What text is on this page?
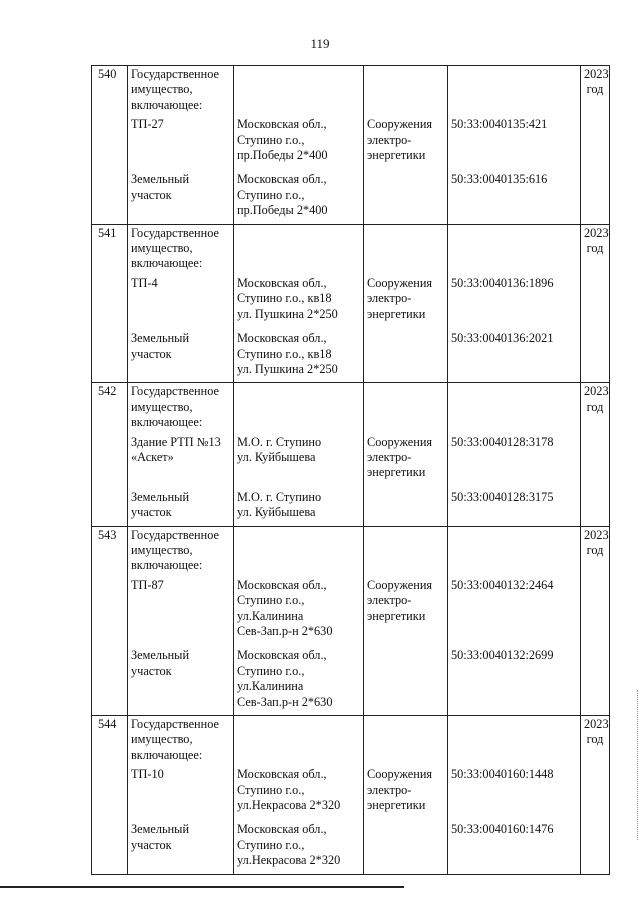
119
540	Государственное
имущество,
включающее:				2023
год
	ТП-27	Московская обл.,
Ступино г.о.,
пр.Победы 2*400	Сооружения
электро-
энергетики	50:33:0040135:421	
	Земельный
участок	Московская обл.,
Ступино г.о.,
пр.Победы 2*400		50:33:0040135:616	
541	Государственное
имущество,
включающее:				2023
год
	ТП-4	Московская обл.,
Ступино г.о., кв18
ул. Пушкина 2*250	Сооружения
электро-
энергетики	50:33:0040136:1896	
	Земельный
участок	Московская обл.,
Ступино г.о., кв18
ул. Пушкина 2*250		50:33:0040136:2021	
542	Государственное
имущество,
включающее:				2023
год
	Здание РТП №13
«Аскет»	М.О. г. Ступино
ул. Куйбышева	Сооружения
электро-
энергетики	50:33:0040128:3178	
	Земельный
участок	М.О. г. Ступино
ул. Куйбышева		50:33:0040128:3175	
543	Государственное
имущество,
включающее:				2023
год
	ТП-87	Московская обл.,
Ступино г.о.,
ул.Калинина
Сев-Зап.р-н 2*630	Сооружения
электро-
энергетики	50:33:0040132:2464	
	Земельный
участок	Московская обл.,
Ступино г.о.,
ул.Калинина
Сев-Зап.р-н 2*630		50:33:0040132:2699	
544	Государственное
имущество,
включающее:				2023
год
	ТП-10	Московская обл.,
Ступино г.о.,
ул.Некрасова 2*320	Сооружения
электро-
энергетики	50:33:0040160:1448	
	Земельный
участок	Московская обл.,
Ступино г.о.,
ул.Некрасова 2*320		50:33:0040160:1476	
